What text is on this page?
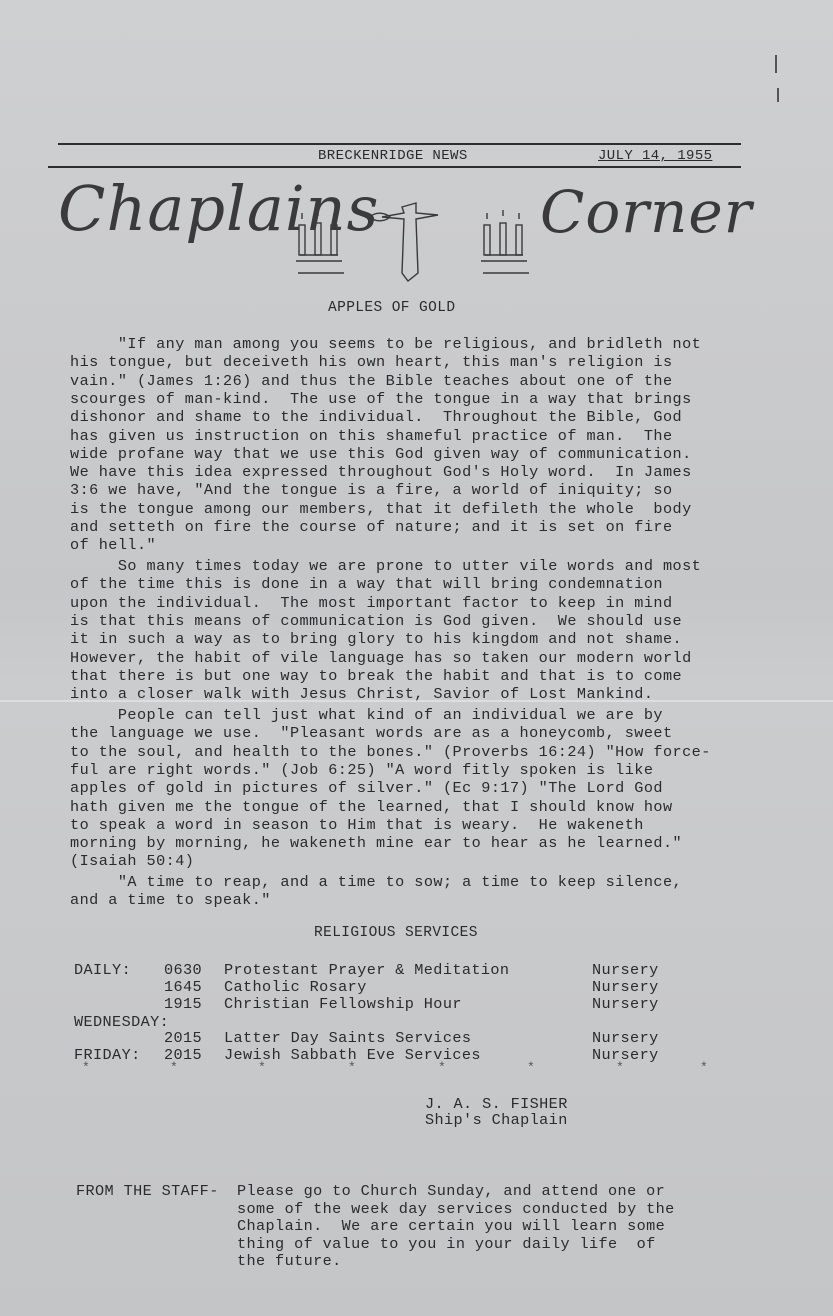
BRECKENRIDGE NEWS	JULY 14, 1955
Chaplains	Corner
APPLES OF GOLD
"If any man among you seems to be religious, and bridleth not
his tongue, but deceiveth his own heart, this man's religion is
vain." (James 1:26) and thus the Bible teaches about one of the
scourges of man-kind.  The use of the tongue in a way that brings
dishonor and shame to the individual.  Throughout the Bible, God
has given us instruction on this shameful practice of man.  The
wide profane way that we use this God given way of communication.
We have this idea expressed throughout God's Holy word.  In James
3:6 we have, "And the tongue is a fire, a world of iniquity; so
is the tongue among our members, that it defileth the whole  body
and setteth on fire the course of nature; and it is set on fire
of hell."
So many times today we are prone to utter vile words and most
of the time this is done in a way that will bring condemnation
upon the individual.  The most important factor to keep in mind
is that this means of communication is God given.  We should use
it in such a way as to bring glory to his kingdom and not shame.
However, the habit of vile language has so taken our modern world
that there is but one way to break the habit and that is to come
into a closer walk with Jesus Christ, Savior of Lost Mankind.
People can tell just what kind of an individual we are by
the language we use.  "Pleasant words are as a honeycomb, sweet
to the soul, and health to the bones." (Proverbs 16:24) "How force-
ful are right words." (Job 6:25) "A word fitly spoken is like
apples of gold in pictures of silver." (Ec 9:17) "The Lord God
hath given me the tongue of the learned, that I should know how
to speak a word in season to Him that is weary.  He wakeneth
morning by morning, he wakeneth mine ear to hear as he learned."
(Isaiah 50:4)
"A time to reap, and a time to sow; a time to keep silence,
and a time to speak."
RELIGIOUS SERVICES
DAILY: 0630 Protestant Prayer & Meditation	Nursery
1645 Catholic Rosary	Nursery
1915 Christian Fellowship Hour	Nursery
WEDNESDAY:
2015 Latter Day Saints Services	Nursery
FRIDAY: 2015 Jewish Sabbath Eve Services	Nursery
*	*	*	*	*	*	*	*
J. A. S. FISHER
Ship's Chaplain
FROM THE STAFF- Please go to Church Sunday, and attend one or
some of the week day services conducted by the
Chaplain.  We are certain you will learn some
thing of value to you in your daily life  of
the future.
